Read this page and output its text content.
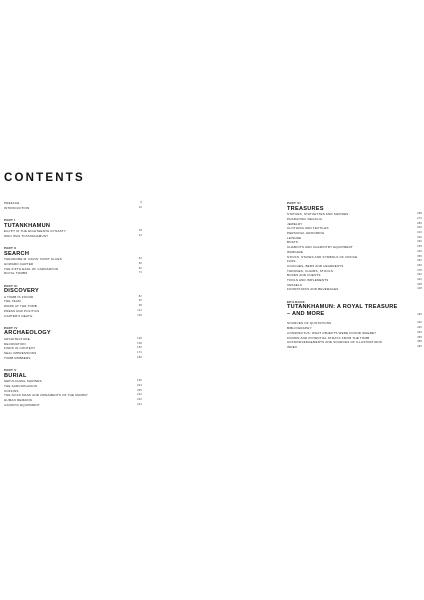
CONTENTS
PREFACE	6
INTRODUCTION	10
PART I
TUTANKHAMUN
EGYPT IN THE EIGHTEENTH DYNASTY	18
WHO WAS TUTANKHAMUN?	34
PART II
SEARCH
THEODORE M. DAVIS: FIRST CLUES	52
HOWARD CARTER	60
THE FIFTH EARL OF CARNARVON	66
ROYAL TOMBS	74
PART III
DISCOVERY
A TOMB IS FOUND	82
THE TEAM	90
WORK AT THE TOMB	98
PRESS AND POLITICS	112
CARTER'S DEATH	118
PART IV
ARCHAEOLOGY
ARCHITECTURE	128
DECORATION	138
FINDS IN CONTEXT	150
SEAL IMPRESSIONS	174
TOMB ROBBERS	180
PART V
BURIAL
SEPULCHRAL SHRINES	190
THE SARCOPHAGUS	204
COFFINS	206
THE GOLD MASK AND ORNAMENTS OF THE MUMMY	222
HUMAN REMAINS	232
CANOPIC EQUIPMENT	244
PART VI
TREASURES
STATUES, STATUETTES AND SHRINES	258
PHARAONIC REGALIA	270
JEWELRY	280
CLOTHING AND TEXTILES	300
PERSONAL GROOMING	316
LEISURE	320
BOATS	330
CHARIOTS AND CHARIOTRY EQUIPMENT	338
WARFARE	346
STICKS, STAVES AND SYMBOLS OF OFFICE	356
FANS	362
COUCHES, BEDS AND HEADRESTS	366
THRONES, CHAIRS, STOOLS	378
BOXES AND CHESTS	392
TOOLS AND IMPLEMENTS	402
VESSELS	408
FOODSTUFFS AND BEVERAGES	418
EPILOGUE
TUTANKHAMUN: A ROYAL TREASURE – AND MORE	436
SOURCES OF QUOTATIONS	440
BIBLIOGRAPHY	446
CONSPECTUS: WHAT OBJECTS WERE FOUND WHERE?	454
KNOWN AND POTENTIAL STRAYS FROM THE TOMB	455
ACKNOWLEDGEMENTS AND SOURCES OF ILLUSTRATIONS	458
INDEX	460
